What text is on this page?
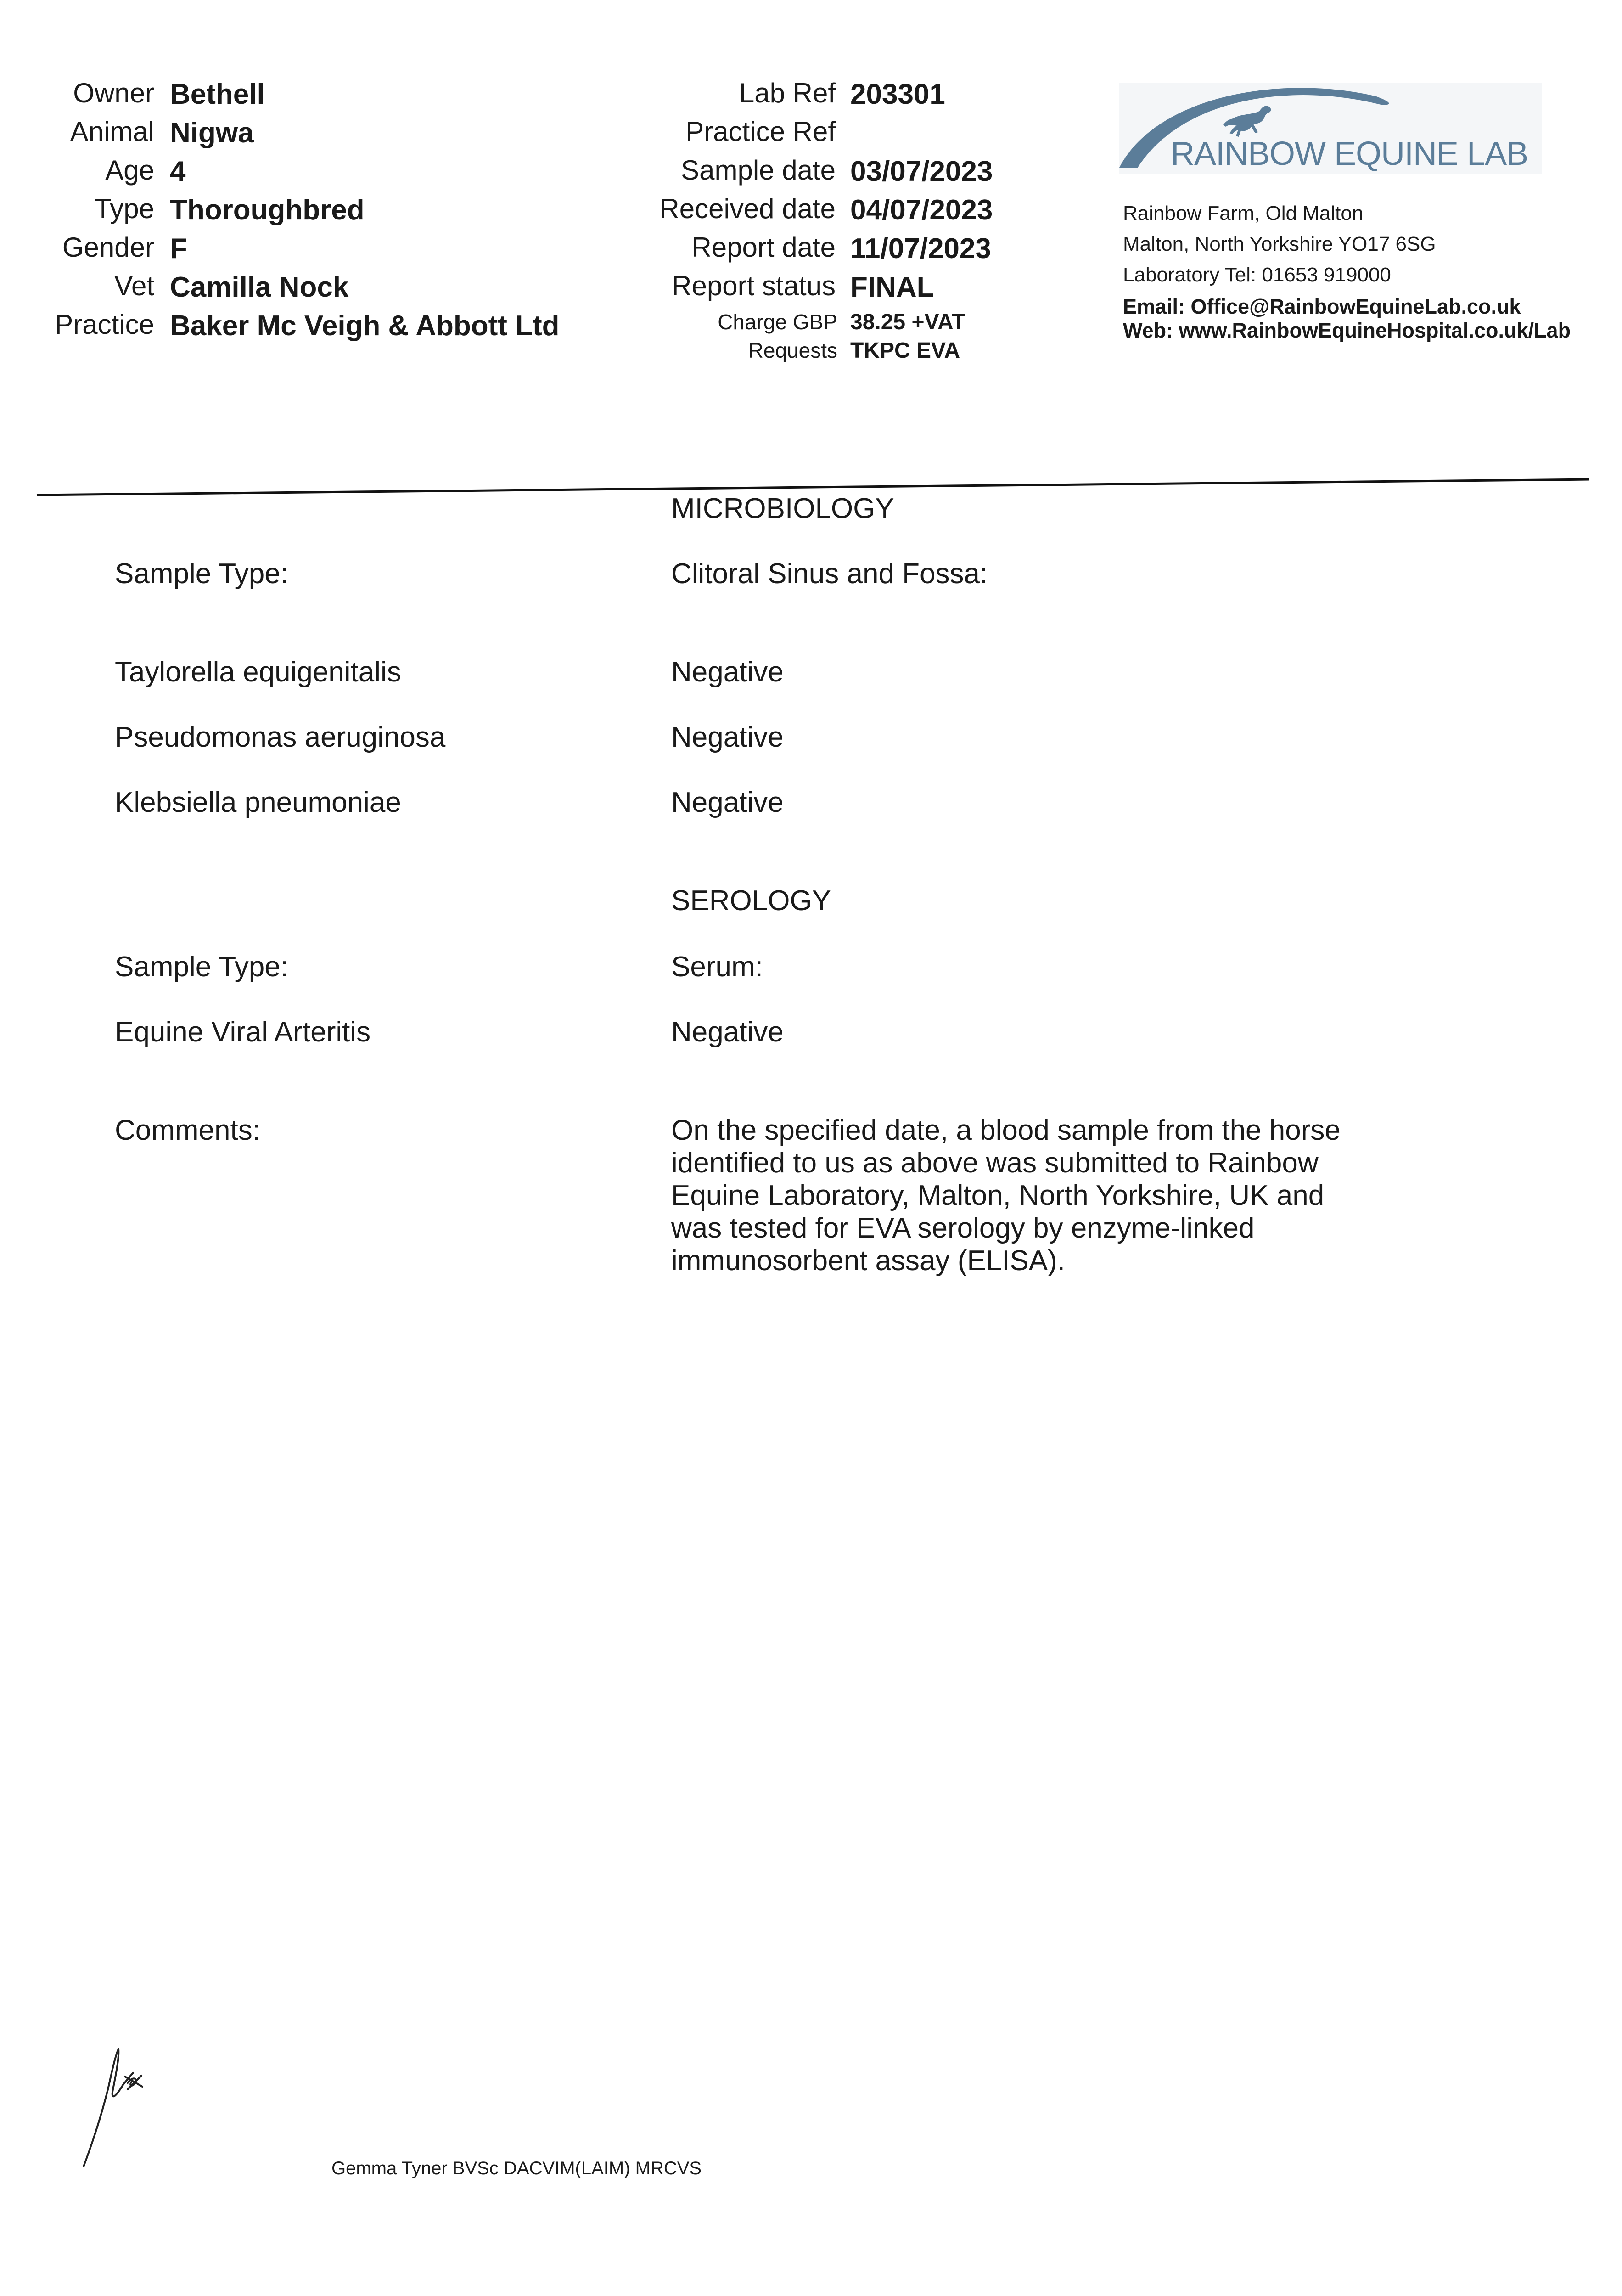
Owner Bethell
Animal Nigwa
Age 4
Type Thoroughbred
Gender F
Vet Camilla Nock
Practice Baker Mc Veigh & Abbott Ltd
Lab Ref 203301
Practice Ref
Sample date 03/07/2023
Received date 04/07/2023
Report date 11/07/2023
Report status FINAL
Charge GBP 38.25 +VAT
Requests TKPC EVA
RAINBOW EQUINE LAB
Rainbow Farm, Old Malton
Malton, North Yorkshire YO17 6SG
Laboratory Tel: 01653 919000
Email: Office@RainbowEquineLab.co.uk
Web: www.RainbowEquineHospital.co.uk/Lab
MICROBIOLOGY
Sample Type:	Clitoral Sinus and Fossa:
Taylorella equigenitalis	Negative
Pseudomonas aeruginosa	Negative
Klebsiella pneumoniae	Negative
SEROLOGY
Sample Type:	Serum:
Equine Viral Arteritis	Negative
Comments:	On the specified date, a blood sample from the horse
identified to us as above was submitted to Rainbow
Equine Laboratory, Malton, North Yorkshire, UK and
was tested for EVA serology by enzyme-linked
immunosorbent assay (ELISA).
Gemma Tyner BVSc DACVIM(LAIM) MRCVS
